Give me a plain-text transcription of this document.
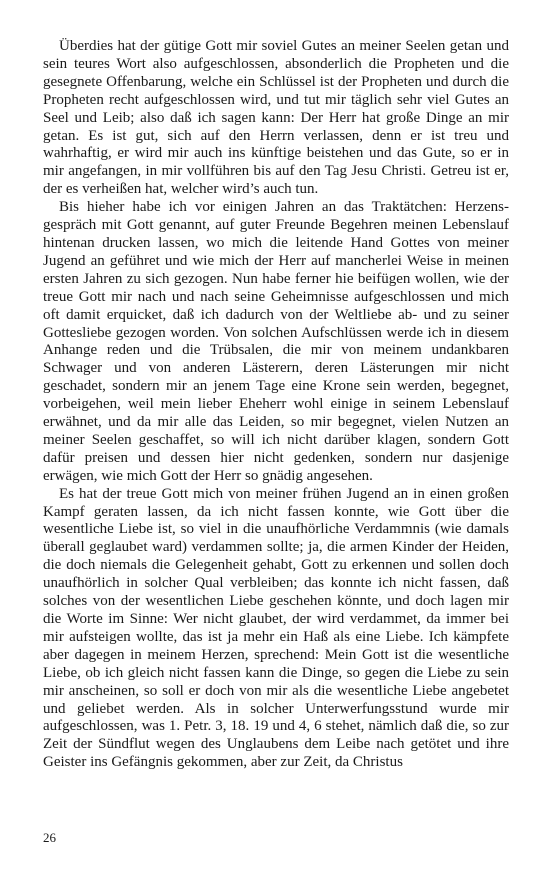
Überdies hat der gütige Gott mir soviel Gutes an meiner Seelen getan und sein teures Wort also aufgeschlossen, absonderlich die Propheten und die gesegnete Offenbarung, welche ein Schlüssel ist der Propheten und durch die Propheten recht aufgeschlossen wird, und tut mir täglich sehr viel Gutes an Seel und Leib; also daß ich sagen kann: Der Herr hat große Dinge an mir getan. Es ist gut, sich auf den Herrn verlassen, denn er ist treu und wahrhaftig, er wird mir auch ins künftige beistehen und das Gute, so er in mir angefangen, in mir vollführen bis auf den Tag Jesu Christi. Getreu ist er, der es verheißen hat, welcher wird’s auch tun.

Bis hieher habe ich vor einigen Jahren an das Traktätchen: Herzensgespräch mit Gott genannt, auf guter Freunde Begehren meinen Lebenslauf hintenan drucken lassen, wo mich die leitende Hand Gottes von meiner Jugend an geführet und wie mich der Herr auf mancherlei Weise in meinen ersten Jahren zu sich gezogen. Nun habe ferner hie beifügen wollen, wie der treue Gott mir nach und nach seine Geheimnisse aufgeschlossen und mich oft damit erquicket, daß ich dadurch von der Weltliebe ab- und zu seiner Gottesliebe gezogen worden. Von solchen Aufschlüssen werde ich in diesem Anhange reden und die Trübsalen, die mir von meinem undankbaren Schwager und von anderen Lästerern, deren Lästerungen mir nicht geschadet, sondern mir an jenem Tage eine Krone sein werden, begegnet, vorbeigehen, weil mein lieber Eheherr wohl einige in seinem Lebenslauf erwähnet, und da mir alle das Leiden, so mir begegnet, vielen Nutzen an meiner Seelen geschaffet, so will ich nicht darüber klagen, sondern Gott dafür preisen und dessen hier nicht gedenken, sondern nur dasjenige erwägen, wie mich Gott der Herr so gnädig angesehen.

Es hat der treue Gott mich von meiner frühen Jugend an in einen großen Kampf geraten lassen, da ich nicht fassen konnte, wie Gott über die wesentliche Liebe ist, so viel in die unaufhörliche Verdammnis (wie damals überall geglaubet ward) verdammen sollte; ja, die armen Kinder der Heiden, die doch niemals die Gelegenheit gehabt, Gott zu erkennen und sollen doch unaufhörlich in solcher Qual verbleiben; das konnte ich nicht fassen, daß solches von der wesentlichen Liebe geschehen könnte, und doch lagen mir die Worte im Sinne: Wer nicht glaubet, der wird verdammet, da immer bei mir aufsteigen wollte, das ist ja mehr ein Haß als eine Liebe. Ich kämpfete aber dagegen in meinem Herzen, sprechend: Mein Gott ist die wesentliche Liebe, ob ich gleich nicht fassen kann die Dinge, so gegen die Liebe zu sein mir anscheinen, so soll er doch von mir als die wesentliche Liebe angebetet und geliebet werden. Als in solcher Unterwerfungsstund wurde mir aufgeschlossen, was 1. Petr. 3, 18. 19 und 4, 6 stehet, nämlich daß die, so zur Zeit der Sündflut wegen des Unglaubens dem Leibe nach getötet und ihre Geister ins Gefängnis gekommen, aber zur Zeit, da Christus

26
